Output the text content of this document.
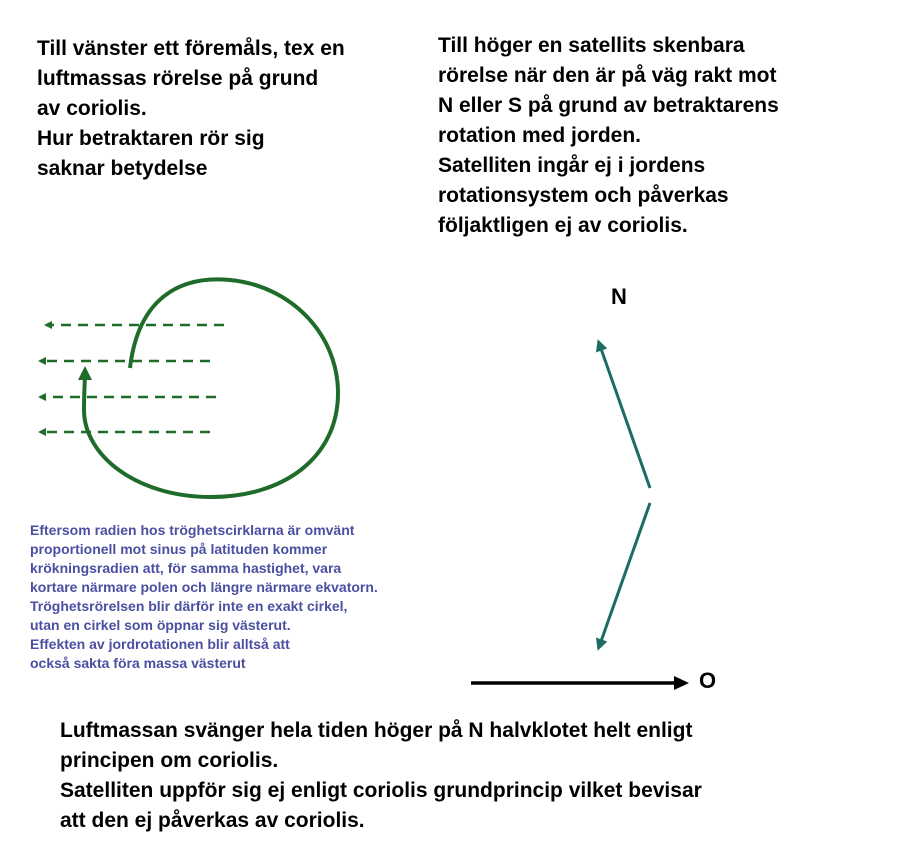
Till vänster ett föremåls, tex en
luftmassas rörelse på grund
av coriolis.
Hur betraktaren rör sig
saknar betydelse
Till höger en satellits skenbara
rörelse när den är på väg rakt mot
N eller S på grund av betraktarens
rotation med jorden.
Satelliten ingår ej i jordens
rotationsystem och påverkas
följaktligen ej av coriolis.
N
O
Eftersom radien hos tröghetscirklarna är omvänt
proportionell mot sinus på latituden kommer
krökningsradien att, för samma hastighet, vara
kortare närmare polen och längre närmare ekvatorn.
Tröghetsrörelsen blir därför inte en exakt cirkel,
utan en cirkel som öppnar sig västerut.
Effekten av jordrotationen blir alltså att
också sakta föra massa västerut
Luftmassan svänger hela tiden höger på N halvklotet helt enligt
principen om coriolis.
Satelliten uppför sig ej enligt coriolis grundprincip vilket bevisar
att den ej påverkas av coriolis.
